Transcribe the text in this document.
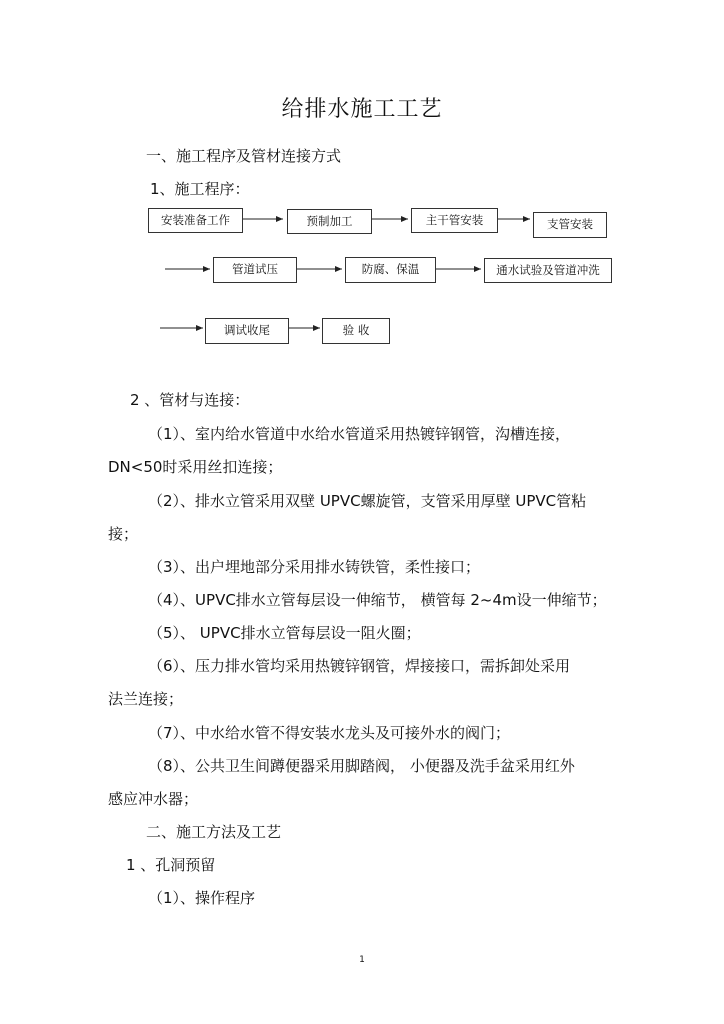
给排水施工工艺
一、施工程序及管材连接方式
1、施工程序：
安装准备工作	预制加工	主干管安装	支管安装
管道试压	防腐、保温	通水试验及管道冲洗
调试收尾	验 收
2 、管材与连接：
（1）、室内给水管道中水给水管道采用热镀锌钢管，沟槽连接，
DN<50时采用丝扣连接；
（2）、排水立管采用双壁 UPVC螺旋管，支管采用厚壁 UPVC管粘
接；
（3）、出户埋地部分采用排水铸铁管，柔性接口；
（4）、UPVC排水立管每层设一伸缩节， 横管每 2~4m设一伸缩节；
（5）、 UPVC排水立管每层设一阻火圈；
（6）、压力排水管均采用热镀锌钢管，焊接接口，需拆卸处采用
法兰连接；
（7）、中水给水管不得安装水龙头及可接外水的阀门；
（8）、公共卫生间蹲便器采用脚踏阀， 小便器及洗手盆采用红外
感应冲水器；
二、施工方法及工艺
1 、孔洞预留
（1）、操作程序
1
